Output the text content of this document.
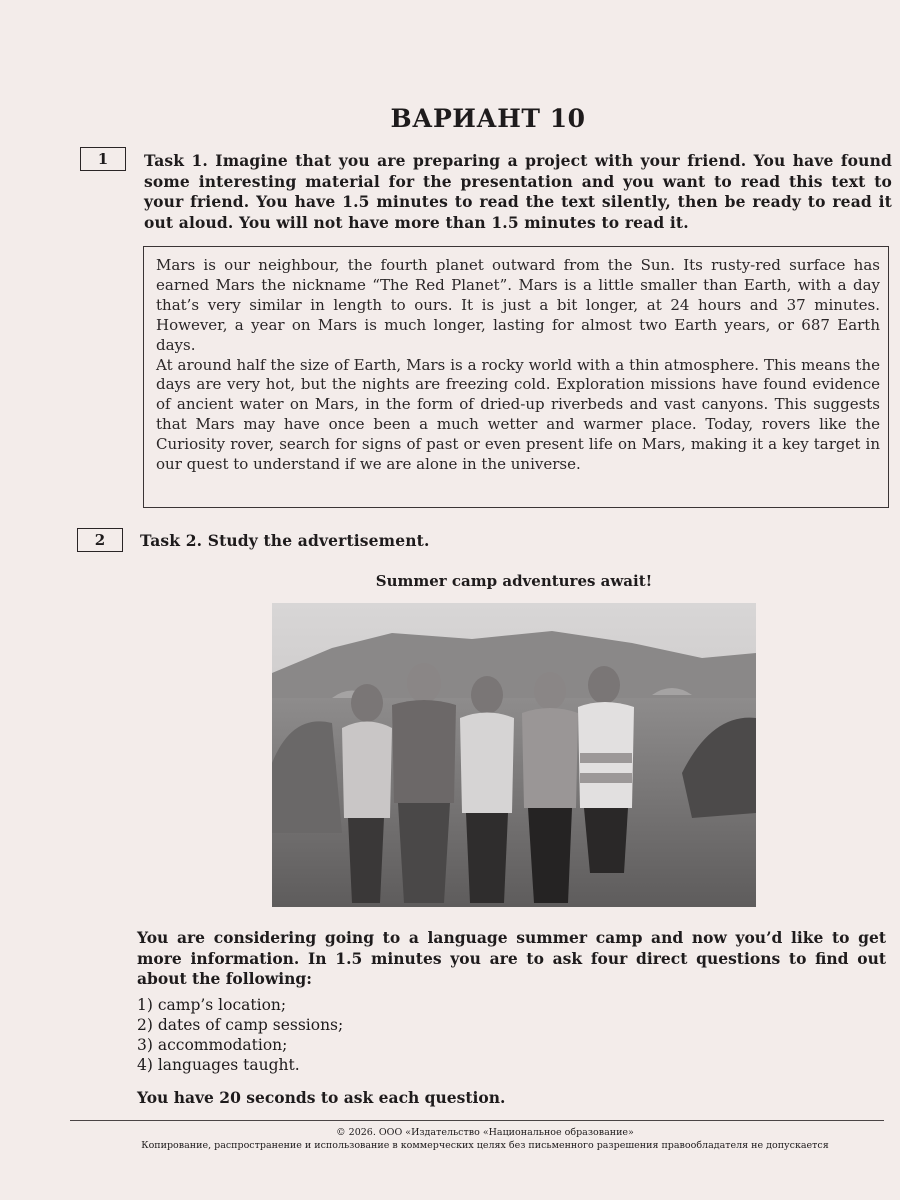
ВАРИАНТ 10
1	Task 1. Imagine that you are preparing a project with your friend. You have found some interesting material for the presentation and you want to read this text to your friend. You have 1.5 minutes to read the text silently, then be ready to read it out aloud. You will not have more than 1.5 minutes to read it.

Mars is our neighbour, the fourth planet outward from the Sun. Its rusty-red surface has earned Mars the nickname “The Red Planet”. Mars is a little smaller than Earth, with a day that’s very similar in length to ours. It is just a bit longer, at 24 hours and 37 minutes. However, a year on Mars is much longer, lasting for almost two Earth years, or 687 Earth days.

At around half the size of Earth, Mars is a rocky world with a thin atmosphere. This means the days are very hot, but the nights are freezing cold. Exploration missions have found evidence of ancient water on Mars, in the form of dried-up riverbeds and vast canyons. This suggests that Mars may have once been a much wetter and warmer place. Today, rovers like the Curiosity rover, search for signs of past or even present life on Mars, making it a key target in our quest to understand if we are alone in the universe.

2	Task 2. Study the advertisement.
Summer camp adventures await!
You are considering going to a language summer camp and now you’d like to get more information. In 1.5 minutes you are to ask four direct questions to find out about the following:
1) camp’s location;
2) dates of camp sessions;
3) accommodation;
4) languages taught.
You have 20 seconds to ask each question.
© 2026. ООО «Издательство «Национальное образование»
Копирование, распространение и использование в коммерческих целях без письменного разрешения правообладателя не допускается
